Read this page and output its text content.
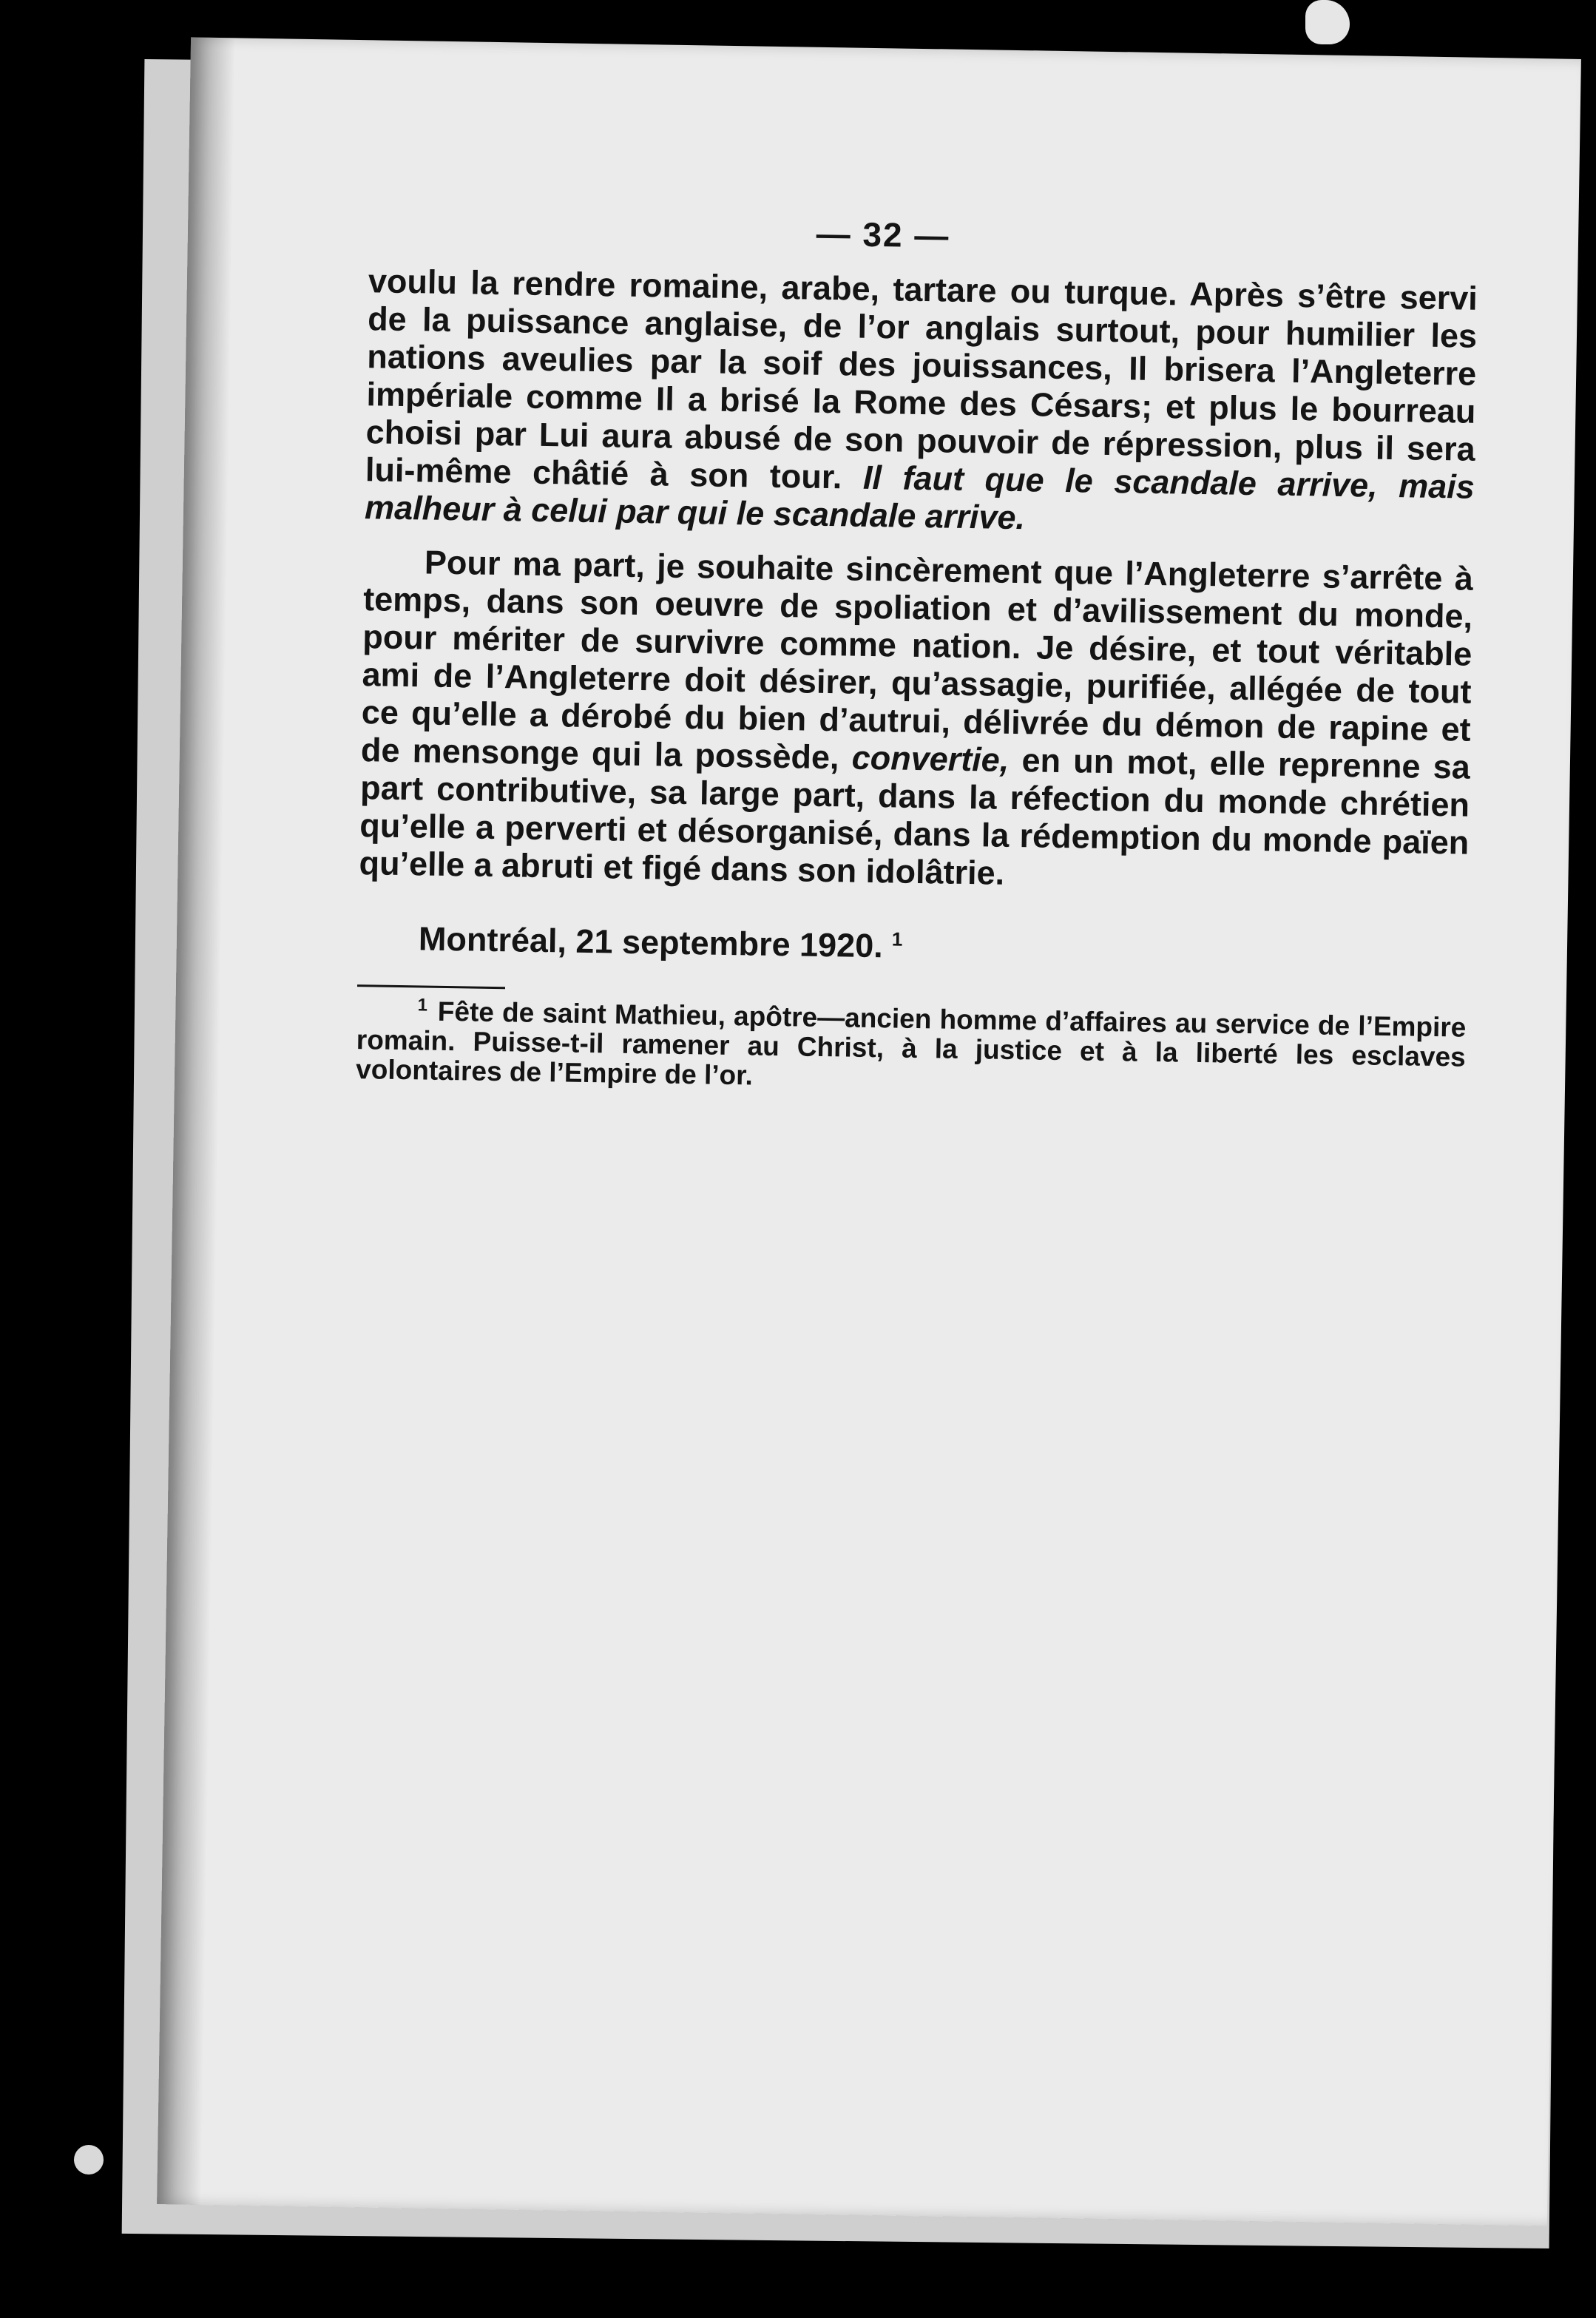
— 32 —

voulu la rendre romaine, arabe, tartare ou turque. Après s’être servi de la puissance anglaise, de l’or anglais surtout, pour humilier les nations aveulies par la soif des jouissances, Il brisera l’Angleterre impériale comme Il a brisé la Rome des Césars; et plus le bourreau choisi par Lui aura abusé de son pouvoir de répression, plus il sera lui-même châtié à son tour. Il faut que le scandale arrive, mais malheur à celui par qui le scandale arrive.

Pour ma part, je souhaite sincèrement que l’Angleterre s’arrête à temps, dans son oeuvre de spoliation et d’avilissement du monde, pour mériter de survivre comme nation. Je désire, et tout véritable ami de l’Angleterre doit désirer, qu’assagie, purifiée, allégée de tout ce qu’elle a dérobé du bien d’autrui, délivrée du démon de rapine et de mensonge qui la possède, convertie, en un mot, elle reprenne sa part contributive, sa large part, dans la réfection du monde chrétien qu’elle a perverti et désorganisé, dans la rédemption du monde païen qu’elle a abruti et figé dans son idolâtrie.

Montréal, 21 septembre 1920. $^1$

$^1$ Fête de saint Mathieu, apôtre—ancien homme d’affaires au service de l’Empire romain. Puisse-t-il ramener au Christ, à la justice et à la liberté les esclaves volontaires de l’Empire de l’or.
